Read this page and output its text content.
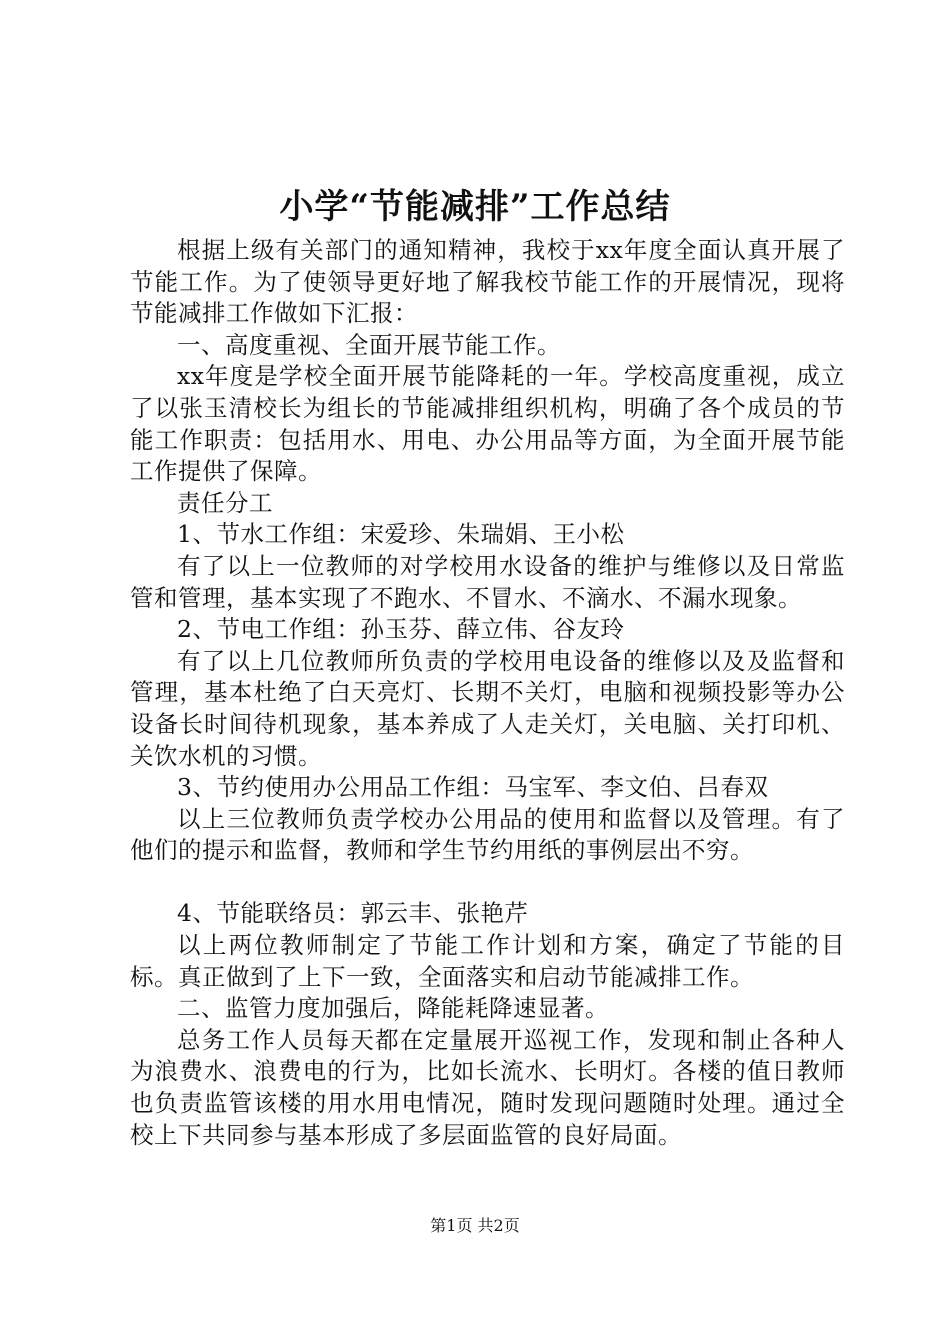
小学“节能减排”工作总结

根据上级有关部门的通知精神，我校于xx年度全面认真开展了节能工作。为了使领导更好地了解我校节能工作的开展情况，现将节能减排工作做如下汇报：

一、高度重视、全面开展节能工作。

xx年度是学校全面开展节能降耗的一年。学校高度重视，成立了以张玉清校长为组长的节能减排组织机构，明确了各个成员的节能工作职责：包括用水、用电、办公用品等方面，为全面开展节能工作提供了保障。

责任分工

1、节水工作组：宋爱珍、朱瑞娟、王小松

有了以上一位教师的对学校用水设备的维护与维修以及日常监管和管理，基本实现了不跑水、不冒水、不滴水、不漏水现象。

2、节电工作组：孙玉芬、薛立伟、谷友玲

有了以上几位教师所负责的学校用电设备的维修以及及监督和管理，基本杜绝了白天亮灯、长期不关灯，电脑和视频投影等办公设备长时间待机现象，基本养成了人走关灯，关电脑、关打印机、关饮水机的习惯。

3、节约使用办公用品工作组：马宝军、李文伯、吕春双

以上三位教师负责学校办公用品的使用和监督以及管理。有了他们的提示和监督，教师和学生节约用纸的事例层出不穷。

4、节能联络员：郭云丰、张艳芹

以上两位教师制定了节能工作计划和方案，确定了节能的目标。真正做到了上下一致，全面落实和启动节能减排工作。

二、监管力度加强后，降能耗降速显著。

总务工作人员每天都在定量展开巡视工作，发现和制止各种人为浪费水、浪费电的行为，比如长流水、长明灯。各楼的值日教师也负责监管该楼的用水用电情况，随时发现问题随时处理。通过全校上下共同参与基本形成了多层面监管的良好局面。

第1页 共2页
